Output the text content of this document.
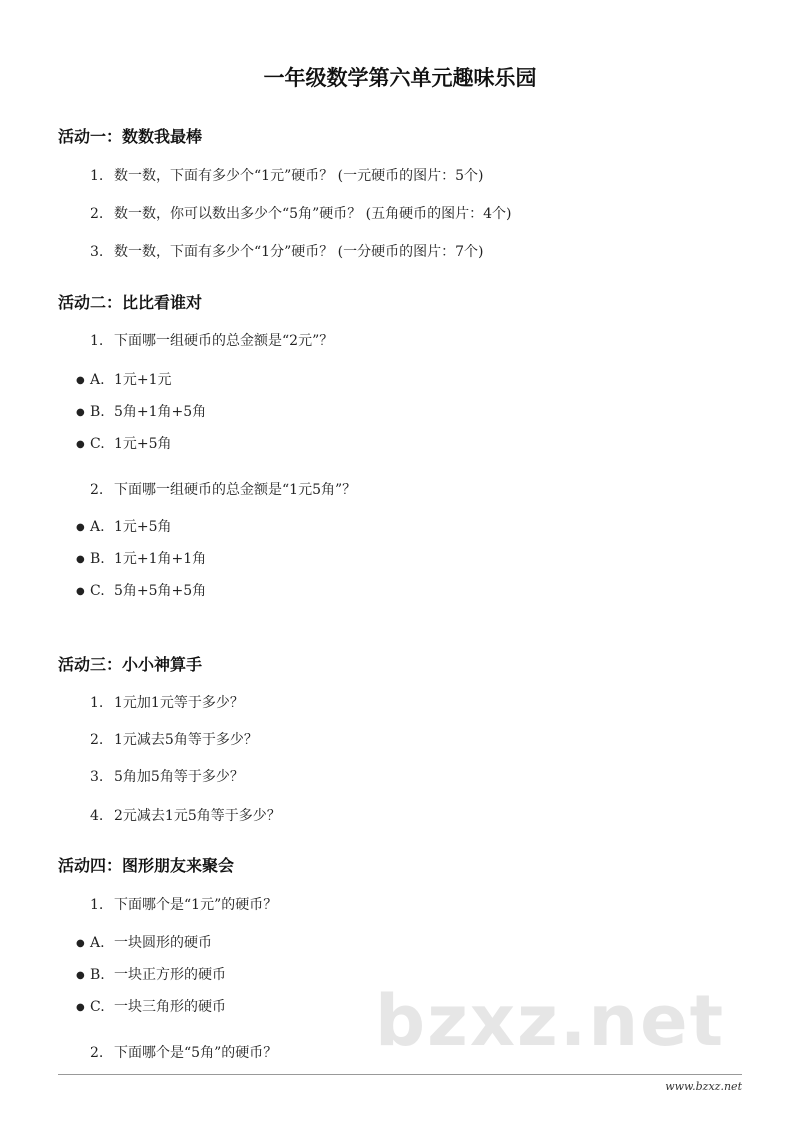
一年级数学第六单元趣味乐园
活动一：数数我最棒
1. 数一数，下面有多少个“1元”硬币？ (一元硬币的图片：5个)
2. 数一数，你可以数出多少个“5角”硬币？ (五角硬币的图片：4个)
3. 数一数，下面有多少个“1分”硬币？ (一分硬币的图片：7个)
活动二：比比看谁对
1. 下面哪一组硬币的总金额是“2元”？
● A. 1元+1元
● B. 5角+1角+5角
● C. 1元+5角
2. 下面哪一组硬币的总金额是“1元5角”？
● A. 1元+5角
● B. 1元+1角+1角
● C. 5角+5角+5角
活动三：小小神算手
1. 1元加1元等于多少？
2. 1元减去5角等于多少？
3. 5角加5角等于多少？
4. 2元减去1元5角等于多少？
活动四：图形朋友来聚会
1. 下面哪个是“1元”的硬币？
● A. 一块圆形的硬币
● B. 一块正方形的硬币
● C. 一块三角形的硬币 bzxz.net
2. 下面哪个是“5角”的硬币？
www.bzxz.net
